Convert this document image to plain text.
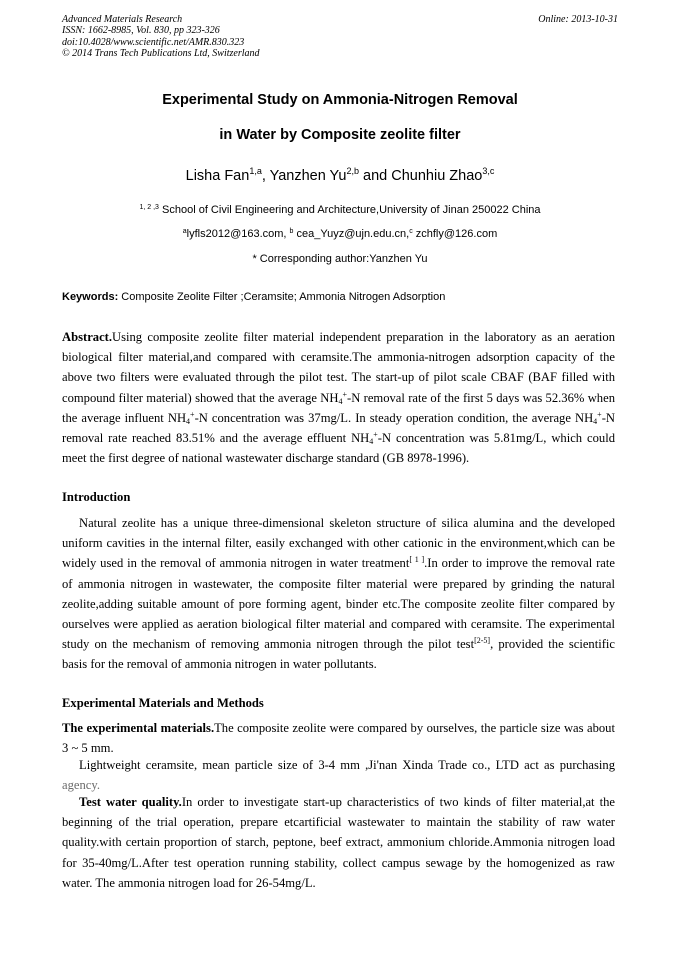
Advanced Materials Research
ISSN: 1662-8985, Vol. 830, pp 323-326
doi:10.4028/www.scientific.net/AMR.830.323
© 2014 Trans Tech Publications Ltd, Switzerland
Online: 2013-10-31
Experimental Study on Ammonia-Nitrogen Removal
in Water by Composite zeolite filter
Lisha Fan$^{1,a}$, Yanzhen Yu$^{2,b}$ and Chunhiu Zhao$^{3,c}$
$^{1, 2 ,3}$ School of Civil Engineering and Architecture,University of Jinan 250022 China
$^a$lyfls2012@163.com, $^b$ cea_Yuyz@ujn.edu.cn,$^c$ zchfly@126.com
* Corresponding author:Yanzhen Yu
Keywords: Composite Zeolite Filter ;Ceramsite; Ammonia Nitrogen Adsorption
Abstract.Using composite zeolite filter material independent preparation in the laboratory as an aeration biological filter material,and compared with ceramsite.The ammonia-nitrogen adsorption capacity of the above two filters were evaluated through the pilot test. The start-up of pilot scale CBAF (BAF filled with compound filter material) showed that the average $NH_4^+-N$ removal rate of the first 5 days was 52.36% when the average influent $NH_4^+-N$ concentration was 37mg/L. In steady operation condition, the average $NH_4^+-N$ removal rate reached 83.51% and the average effluent $NH_4^+-N$ concentration was 5.81mg/L, which could meet the first degree of national wastewater discharge standard (GB 8978-1996).
Introduction
Natural zeolite has a unique three-dimensional skeleton structure of silica alumina and the developed uniform cavities in the internal filter, easily exchanged with other cationic in the environment,which can be widely used in the removal of ammonia nitrogen in water treatment[ 1 ].In order to improve the removal rate of ammonia nitrogen in wastewater, the composite filter material were prepared by grinding the natural zeolite,adding suitable amount of pore forming agent, binder etc.The composite zeolite filter compared by ourselves were applied as aeration biological filter material and compared with ceramsite. The experimental study on the mechanism of removing ammonia nitrogen through the pilot test[2-5], provided the scientific basis for the removal of ammonia nitrogen in water pollutants.
Experimental Materials and Methods
The experimental materials.The composite zeolite were compared by ourselves, the particle size was about 3 ~ 5 mm.
Lightweight ceramsite, mean particle size of 3-4 mm ,Ji'nan Xinda Trade co., LTD act as purchasing agency.
Test water quality.In order to investigate start-up characteristics of two kinds of filter material,at the beginning of the trial operation, prepare etcartificial wastewater to maintain the stability of raw water quality.with certain proportion of starch, peptone, beef extract, ammonium chloride.Ammonia nitrogen load for 35-40mg/L.After test operation running stability, collect campus sewage by the homogenized as raw water. The ammonia nitrogen load for 26-54mg/L.
